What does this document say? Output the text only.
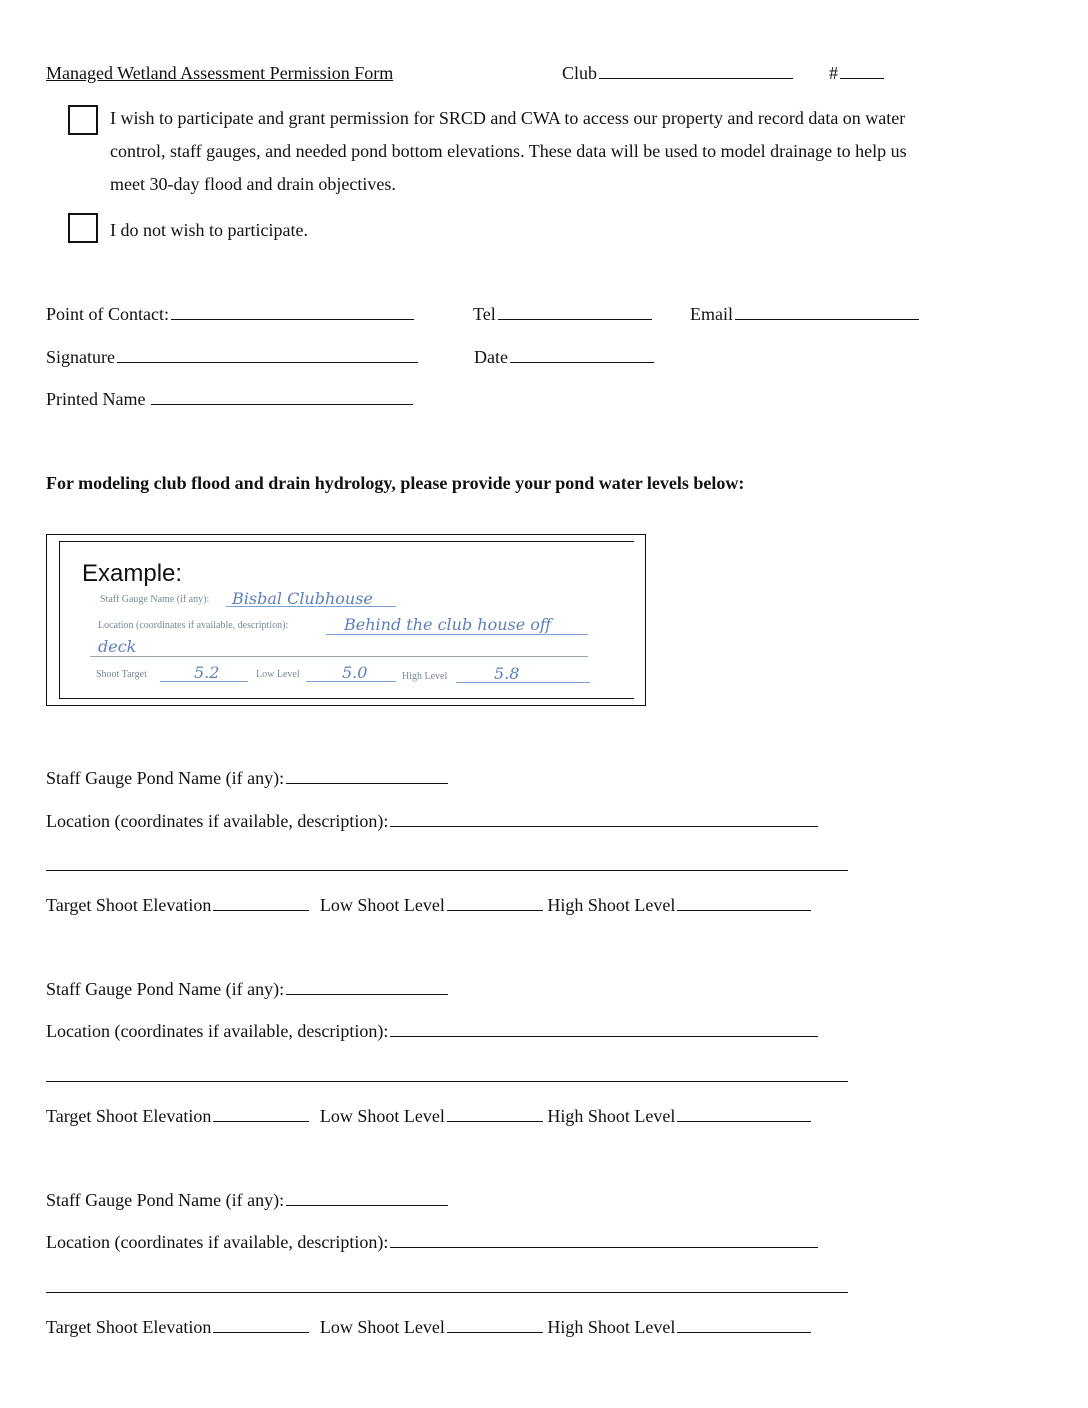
Managed Wetland Assessment Permission Form	Club	#
I wish to participate and grant permission for SRCD and CWA to access our property and record data on water control, staff gauges, and needed pond bottom elevations. These data will be used to model drainage to help us meet 30-day flood and drain objectives.
I do not wish to participate.
Point of Contact:	Tel	Email
Signature	Date
Printed Name
For modeling club flood and drain hydrology, please provide your pond water levels below:
Example:
Staff Gauge Name (if any): Bisbal Clubhouse
Location (coordinates if available, description):	Behind the club house off
deck
Shoot Target	5.2	Low Level	5.0	High Level	5.8
Staff Gauge Pond Name (if any):
Location (coordinates if available, description):
Target Shoot Elevation	Low Shoot Level	High Shoot Level
Staff Gauge Pond Name (if any):
Location (coordinates if available, description):
Target Shoot Elevation	Low Shoot Level	High Shoot Level
Staff Gauge Pond Name (if any):
Location (coordinates if available, description):
Target Shoot Elevation	Low Shoot Level	High Shoot Level
